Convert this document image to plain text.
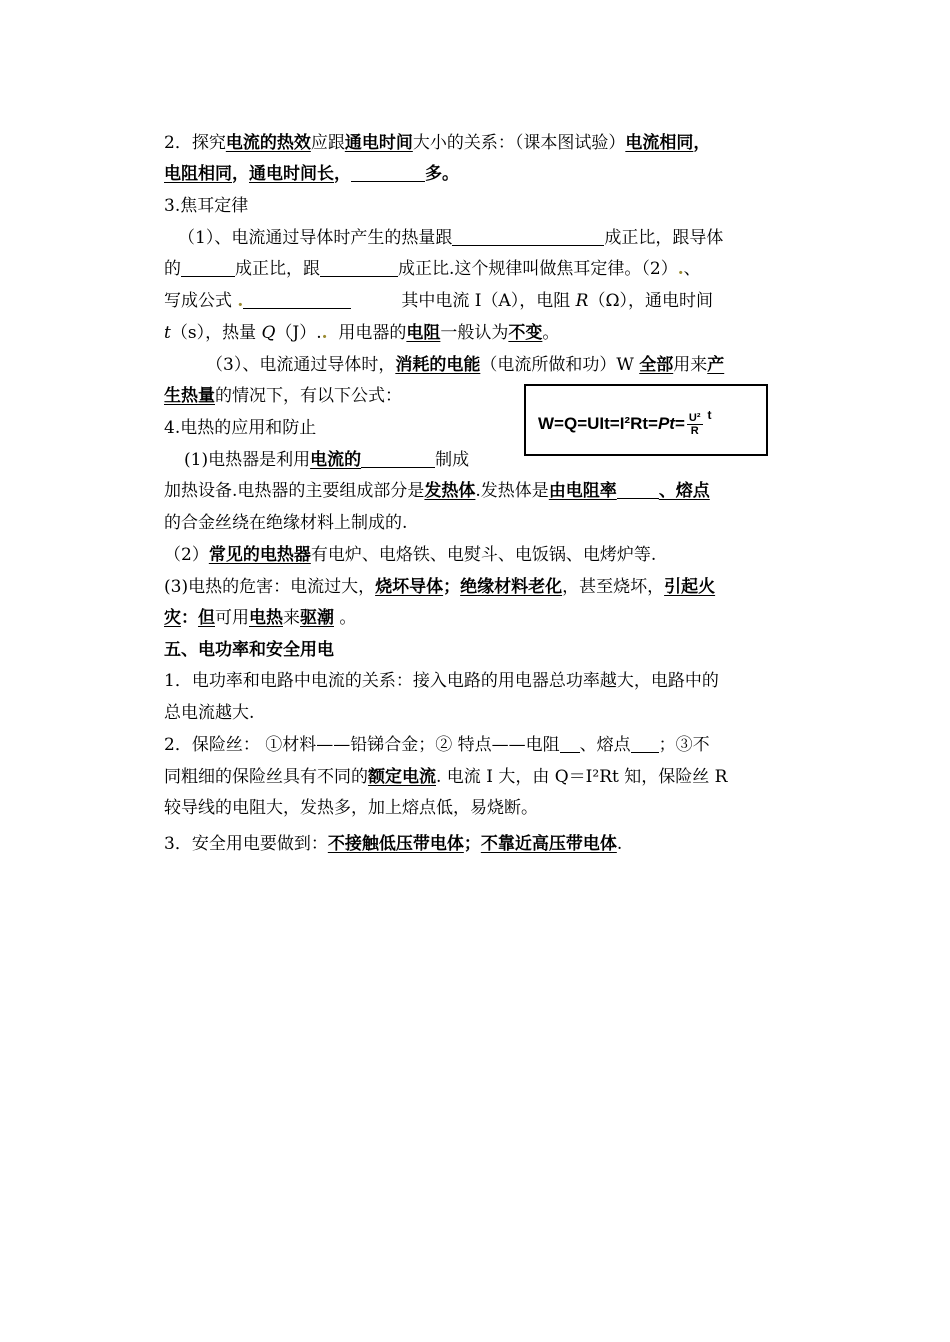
2．探究电流的热效应跟通电时间大小的关系：（课本图试验）电流相同，
电阻相同，通电时间长，	多。
3.焦耳定律
（1）、电流通过导体时产生的热量跟	成正比，跟导体
的	成正比，跟	成正比.这个规律叫做焦耳定律。（2）.、
写成公式 .	其中电流 I（A），电阻 R（Ω），通电时间
t（s），热量 Q（J）.. 用电器的电阻一般认为不变。
（3）、电流通过导体时，消耗的电能（电流所做和功）W 全部用来产
生热量的情况下，有以下公式：
$W=Q=UIt=I^2Rt=Pt= \frac{\text{U²}}{R} ^t$
4.电热的应用和防止
(1)电热器是利用电流的	制成
加热设备.电热器的主要组成部分是发热体.发热体是由电阻率 、熔点
的合金丝绕在绝缘材料上制成的.
（2）常见的电热器有电炉、电烙铁、电熨斗、电饭锅、电烤炉等.
(3)电热的危害：电流过大，烧坏导体；绝缘材料老化，甚至烧坏，引起火
灾：但可用电热来驱潮 。
五、电功率和安全用电
1．电功率和电路中电流的关系：接入电路的用电器总功率越大，电路中的
总电流越大.
2．保险丝： ①材料——铅锑合金；② 特点——电阻 、熔点 ；③不
同粗细的保险丝具有不同的额定电流. 电流 I 大，由 Q＝I²Rt 知，保险丝 R
较导线的电阻大，发热多，加上熔点低，易烧断。
3．安全用电要做到：不接触低压带电体；不靠近高压带电体.
